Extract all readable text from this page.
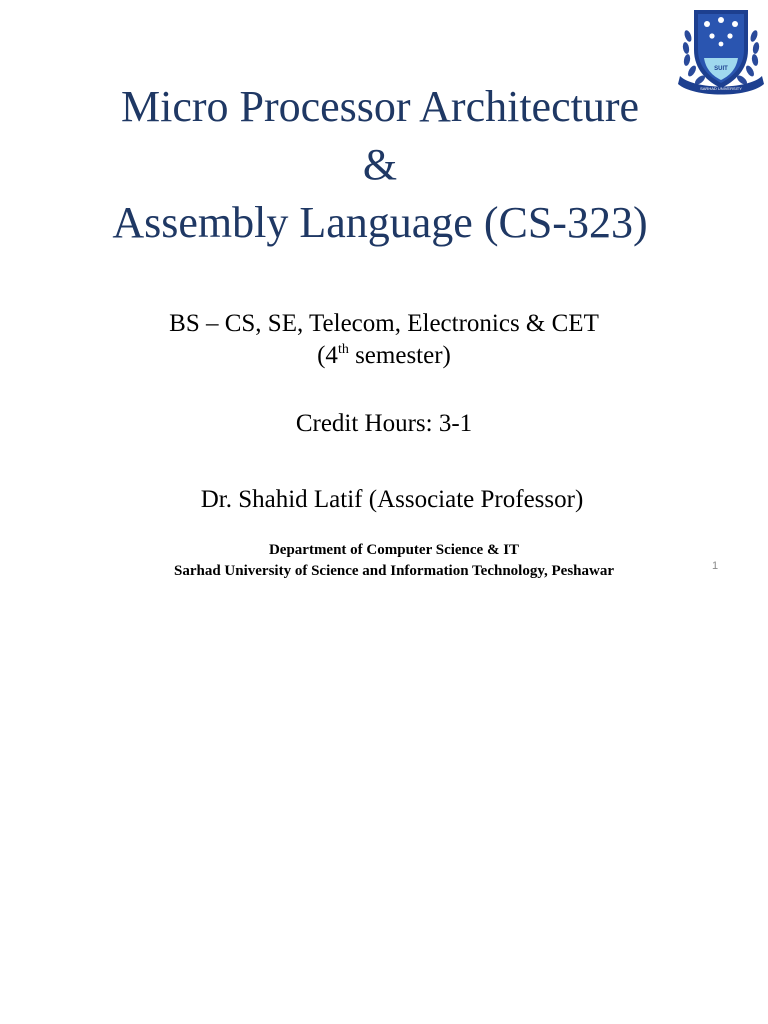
SUIT
SARHAD UNIVERSITY
Micro Processor Architecture
&
Assembly Language (CS-323)
BS – CS, SE, Telecom, Electronics & CET
(4th semester)
Credit Hours: 3-1
Dr. Shahid Latif (Associate Professor)
Department of Computer Science & IT
Sarhad University of Science and Information Technology, Peshawar	1
